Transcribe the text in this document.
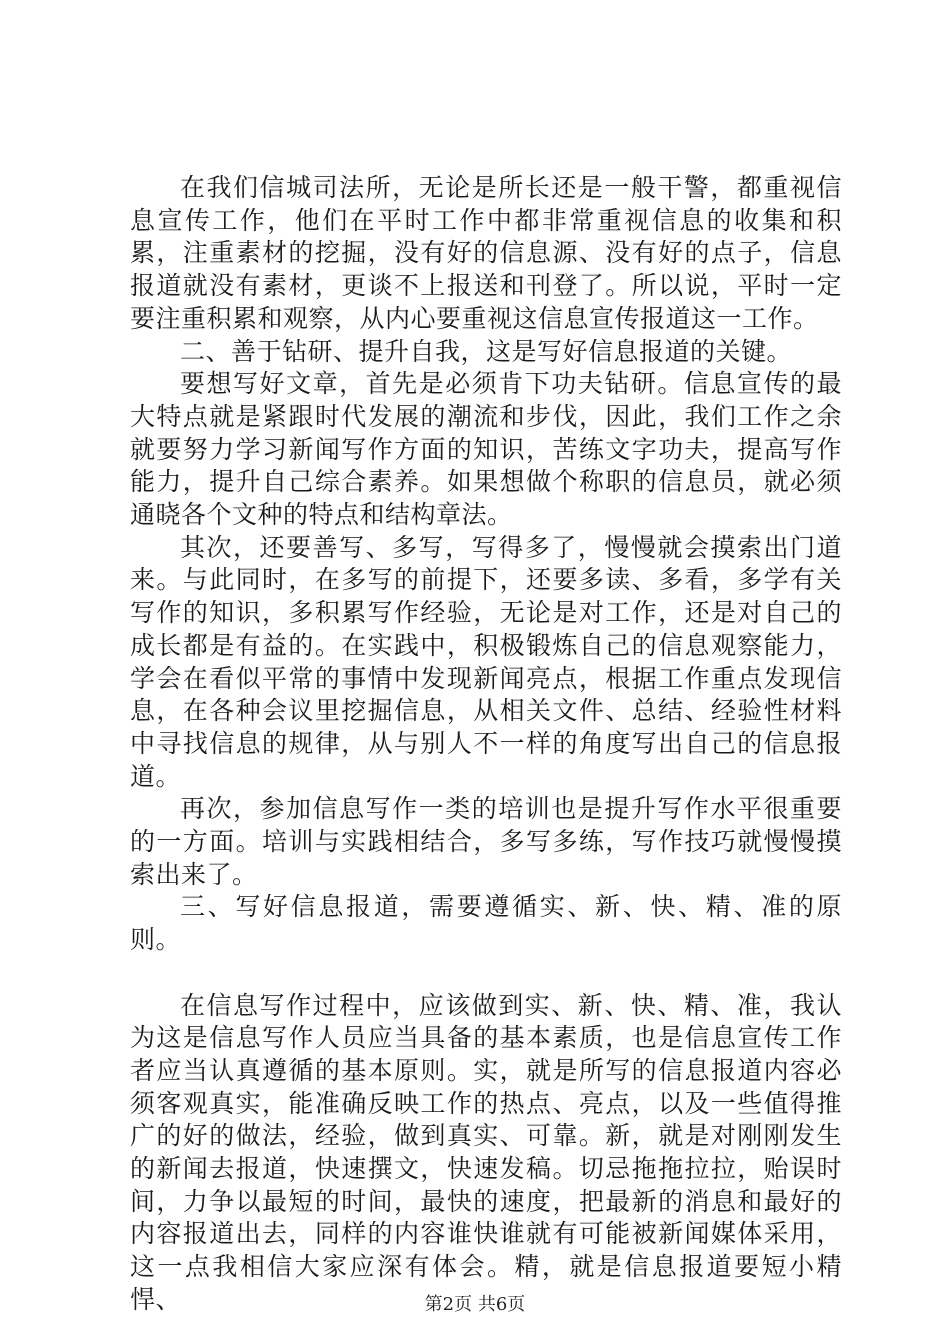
在我们信城司法所，无论是所长还是一般干警，都重视信息宣传工作，他们在平时工作中都非常重视信息的收集和积累，注重素材的挖掘，没有好的信息源、没有好的点子，信息报道就没有素材，更谈不上报送和刊登了。所以说，平时一定要注重积累和观察，从内心要重视这信息宣传报道这一工作。

二、善于钻研、提升自我，这是写好信息报道的关键。

要想写好文章，首先是必须肯下功夫钻研。信息宣传的最大特点就是紧跟时代发展的潮流和步伐，因此，我们工作之余就要努力学习新闻写作方面的知识，苦练文字功夫，提高写作能力，提升自己综合素养。如果想做个称职的信息员，就必须通晓各个文种的特点和结构章法。

其次，还要善写、多写，写得多了，慢慢就会摸索出门道来。与此同时，在多写的前提下，还要多读、多看，多学有关写作的知识，多积累写作经验，无论是对工作，还是对自己的成长都是有益的。在实践中，积极锻炼自己的信息观察能力，学会在看似平常的事情中发现新闻亮点，根据工作重点发现信息，在各种会议里挖掘信息，从相关文件、总结、经验性材料中寻找信息的规律，从与别人不一样的角度写出自己的信息报道。

再次，参加信息写作一类的培训也是提升写作水平很重要的一方面。培训与实践相结合，多写多练，写作技巧就慢慢摸索出来了。

三、写好信息报道，需要遵循实、新、快、精、准的原则。

在信息写作过程中，应该做到实、新、快、精、准，我认为这是信息写作人员应当具备的基本素质，也是信息宣传工作者应当认真遵循的基本原则。实，就是所写的信息报道内容必须客观真实，能准确反映工作的热点、亮点，以及一些值得推广的好的做法，经验，做到真实、可靠。新，就是对刚刚发生的新闻去报道，快速撰文，快速发稿。切忌拖拖拉拉，贻误时间，力争以最短的时间，最快的速度，把最新的消息和最好的内容报道出去，同样的内容谁快谁就有可能被新闻媒体采用，这一点我相信大家应深有体会。精，就是信息报道要短小精悍、	第2页 共6页
